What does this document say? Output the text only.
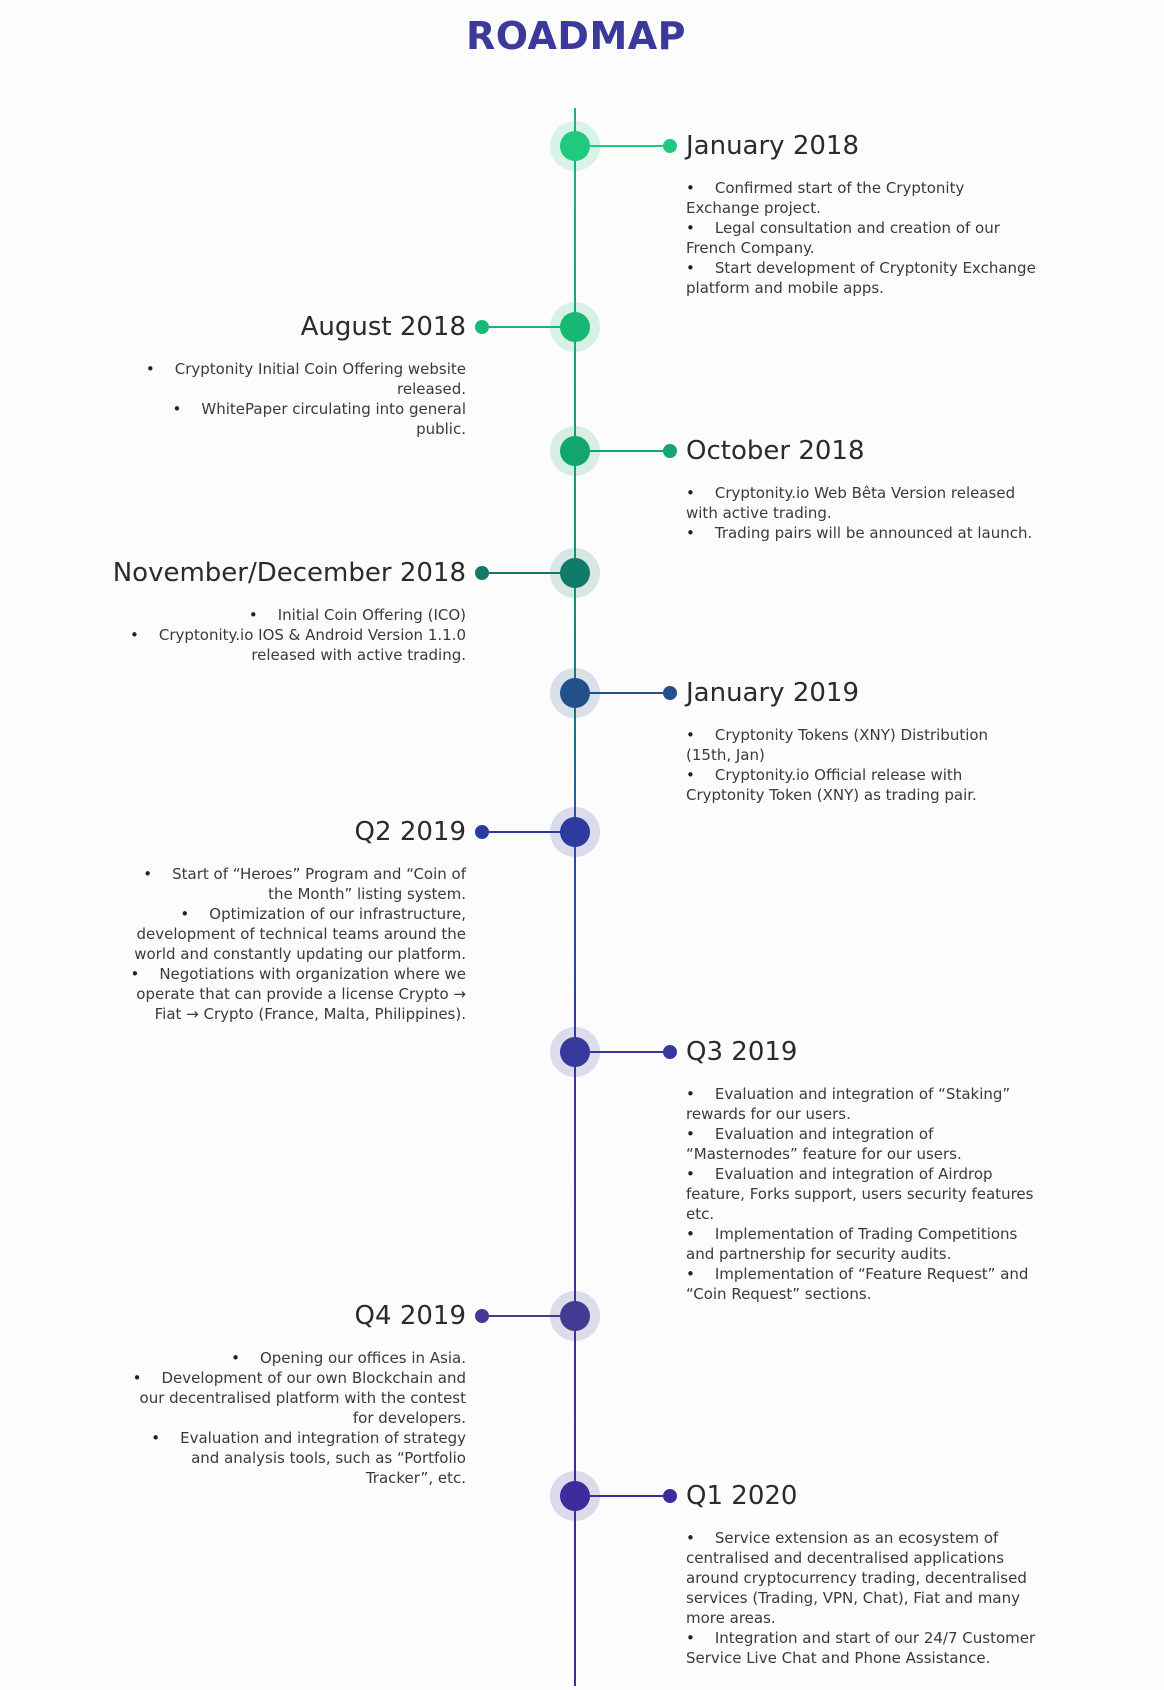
ROADMAP
January 2018
• Confirmed start of the Cryptonity Exchange project.
• Legal consultation and creation of our French Company.
• Start development of Cryptonity Exchange platform and mobile apps.
August 2018
• Cryptonity Initial Coin Offering website released.
• WhitePaper circulating into general public.
October 2018
• Cryptonity.io Web Bêta Version released with active trading.
• Trading pairs will be announced at launch.
November/December 2018
• Initial Coin Offering (ICO)
• Cryptonity.io IOS & Android Version 1.1.0 released with active trading.
January 2019
• Cryptonity Tokens (XNY) Distribution (15th, Jan)
• Cryptonity.io Official release with Cryptonity Token (XNY) as trading pair.
Q2 2019
• Start of “Heroes” Program and “Coin of the Month” listing system.
• Optimization of our infrastructure, development of technical teams around the world and constantly updating our platform.
• Negotiations with organization where we operate that can provide a license Crypto → Fiat → Crypto (France, Malta, Philippines).
Q3 2019
• Evaluation and integration of “Staking” rewards for our users.
• Evaluation and integration of “Masternodes” feature for our users.
• Evaluation and integration of Airdrop feature, Forks support, users security features etc.
• Implementation of Trading Competitions and partnership for security audits.
• Implementation of “Feature Request” and “Coin Request” sections.
Q4 2019
• Opening our offices in Asia.
• Development of our own Blockchain and our decentralised platform with the contest for developers.
• Evaluation and integration of strategy and analysis tools, such as “Portfolio Tracker”, etc.
Q1 2020
• Service extension as an ecosystem of centralised and decentralised applications around cryptocurrency trading, decentralised services (Trading, VPN, Chat), Fiat and many more areas.
• Integration and start of our 24/7 Customer Service Live Chat and Phone Assistance.
